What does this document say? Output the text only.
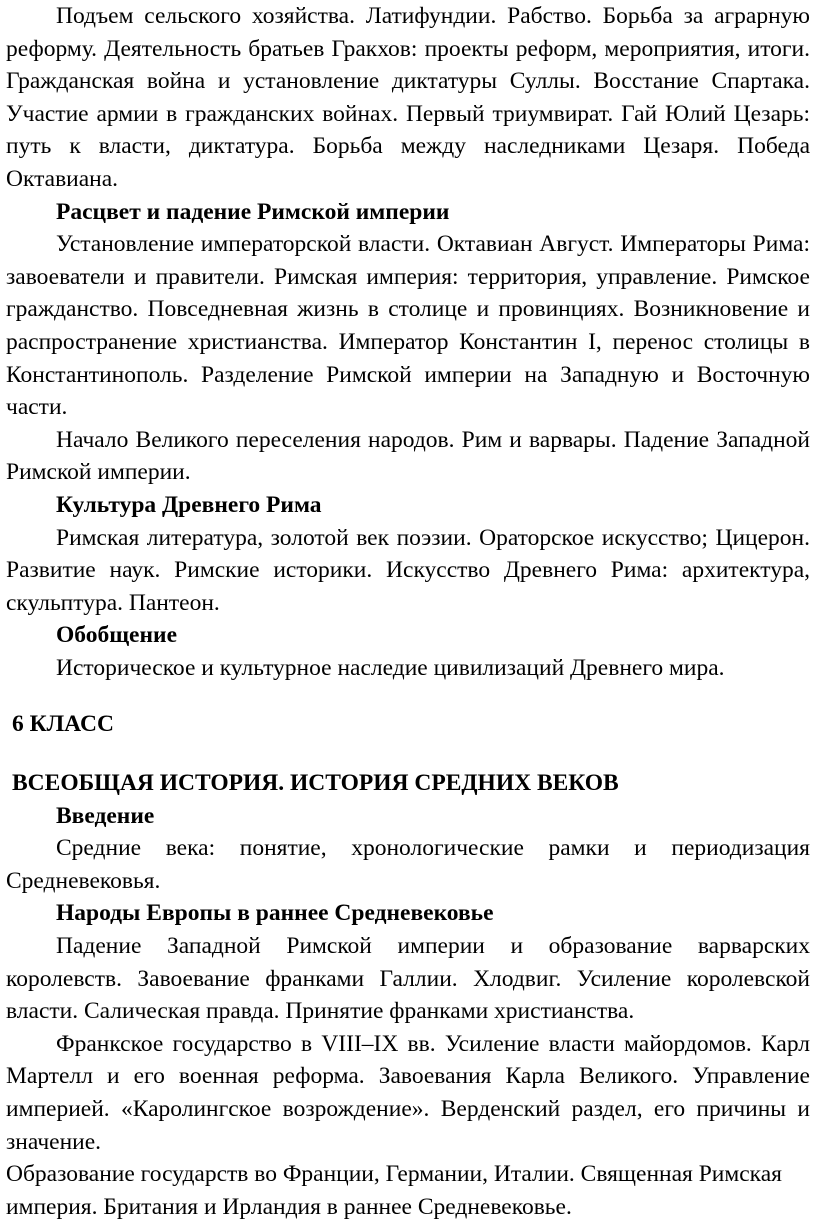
Подъем сельского хозяйства. Латифундии. Рабство. Борьба за аграрную реформу. Деятельность братьев Гракхов: проекты реформ, мероприятия, итоги. Гражданская война и установление диктатуры Суллы. Восстание Спартака. Участие армии в гражданских войнах. Первый триумвират. Гай Юлий Цезарь: путь к власти, диктатура. Борьба между наследниками Цезаря. Победа Октавиана.

Расцвет и падение Римской империи

Установление императорской власти. Октавиан Август. Императоры Рима: завоеватели и правители. Римская империя: территория, управление. Римское гражданство. Повседневная жизнь в столице и провинциях. Возникновение и распространение христианства. Император Константин I, перенос столицы в Константинополь. Разделение Римской империи на Западную и Восточную части.

Начало Великого переселения народов. Рим и варвары. Падение Западной Римской империи.

Культура Древнего Рима

Римская литература, золотой век поэзии. Ораторское искусство; Цицерон. Развитие наук. Римские историки. Искусство Древнего Рима: архитектура, скульптура. Пантеон.

Обобщение

Историческое и культурное наследие цивилизаций Древнего мира.

6 КЛАСС

ВСЕОБЩАЯ ИСТОРИЯ. ИСТОРИЯ СРЕДНИХ ВЕКОВ

Введение

Средние века: понятие, хронологические рамки и периодизация Средневековья.

Народы Европы в раннее Средневековье

Падение Западной Римской империи и образование варварских королевств. Завоевание франками Галлии. Хлодвиг. Усиление королевской власти. Салическая правда. Принятие франками христианства.

Франкское государство в VIII–IX вв. Усиление власти майордомов. Карл Мартелл и его военная реформа. Завоевания Карла Великого. Управление империей. «Каролингское возрождение». Верденский раздел, его причины и значение.

Образование государств во Франции, Германии, Италии. Священная Римская империя. Британия и Ирландия в раннее Средневековье.
